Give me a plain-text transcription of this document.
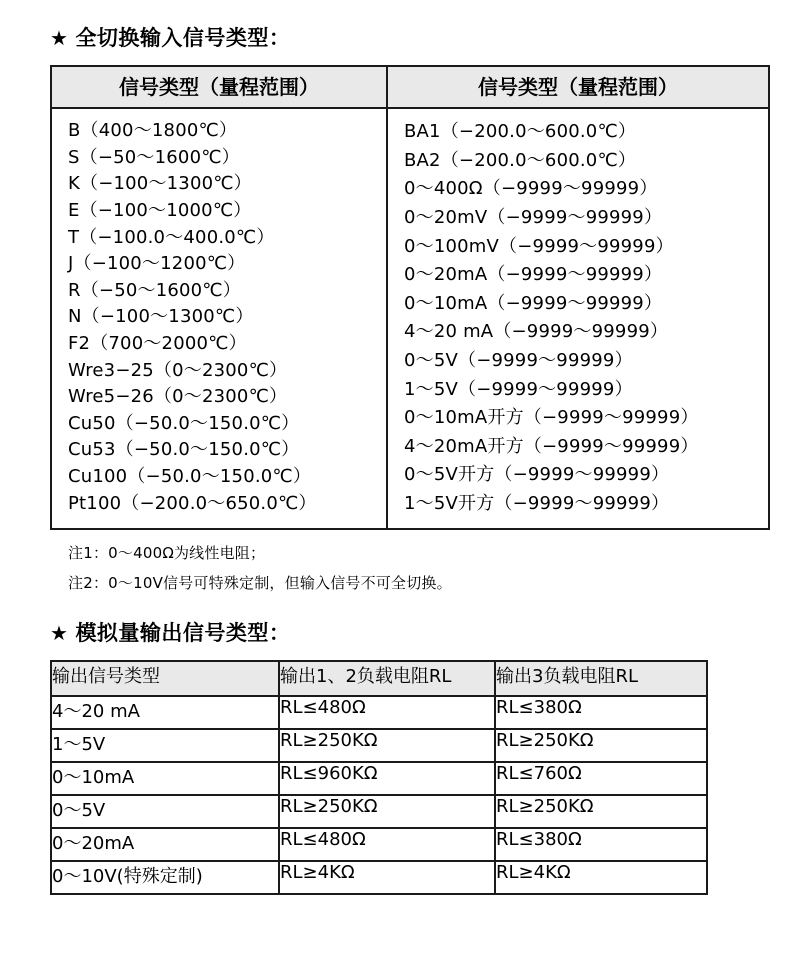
★ 全切换输入信号类型：
信号类型（量程范围）	信号类型（量程范围）

B（400～1800℃）
S（−50～1600℃）
K（−100～1300℃）
E（−100～1000℃）
T（−100.0～400.0℃）
J（−100～1200℃）
R（−50～1600℃）
N（−100～1300℃）
F2（700～2000℃）
Wre3−25（0～2300℃）
Wre5−26（0～2300℃）
Cu50（−50.0～150.0℃）
Cu53（−50.0～150.0℃）
Cu100（−50.0～150.0℃）
Pt100（−200.0～650.0℃）

BA1（−200.0～600.0℃）
BA2（−200.0～600.0℃）
0～400Ω（−9999～99999）
0～20mV（−9999～99999）
0～100mV（−9999～99999）
0～20mA（−9999～99999）
0～10mA（−9999～99999）
4～20 mA（−9999～99999）
0～5V（−9999～99999）
1～5V（−9999～99999）
0～10mA开方（−9999～99999）
4～20mA开方（−9999～99999）
0～5V开方（−9999～99999）
1～5V开方（−9999～99999）
注1：0～400Ω为线性电阻；
注2：0～10V信号可特殊定制，但输入信号不可全切换。
★ 模拟量输出信号类型：
输出信号类型	输出1、2负载电阻RL	输出3负载电阻RL
4～20 mA	RL≤480Ω	RL≤380Ω
1～5V	RL≥250KΩ	RL≥250KΩ
0～10mA	RL≤960KΩ	RL≤760Ω
0～5V	RL≥250KΩ	RL≥250KΩ
0～20mA	RL≤480Ω	RL≤380Ω
0～10V(特殊定制)	RL≥4KΩ	RL≥4KΩ
